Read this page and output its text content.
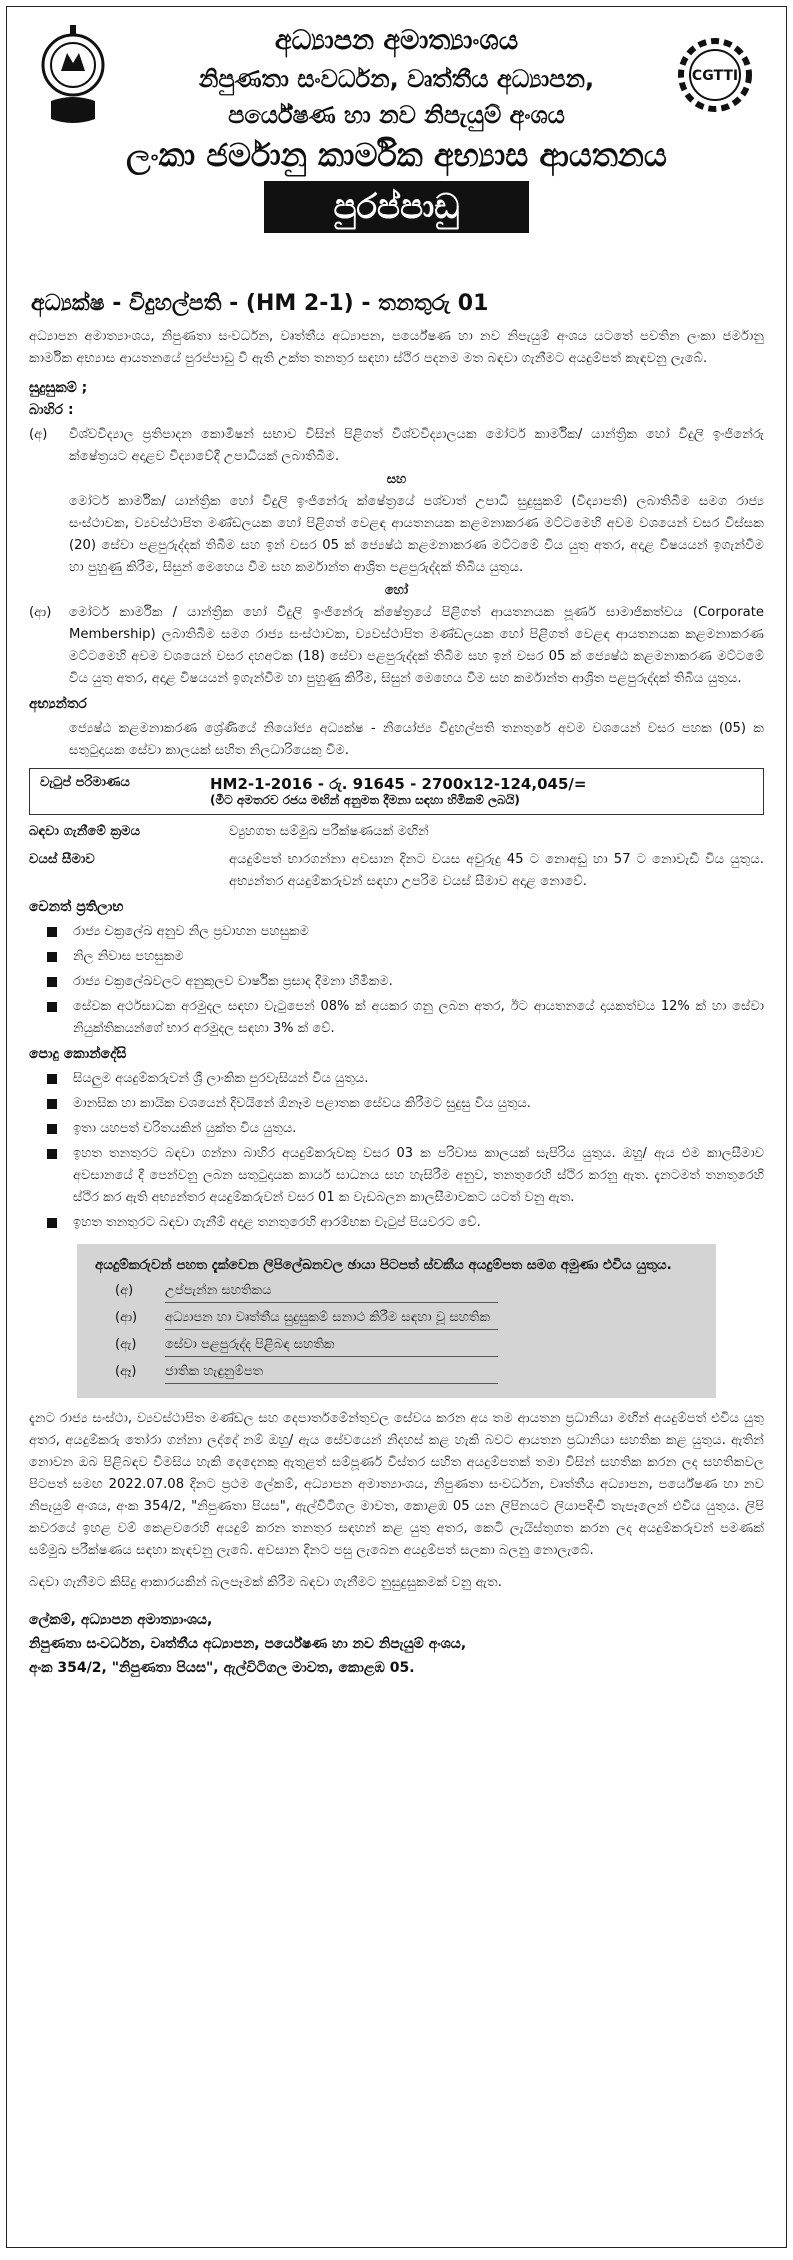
CGTTI
අධ්‍යාපන අමාත්‍යාංශය
නිපුණතා සංවර්ධන, වෘත්තීය අධ්‍යාපන,
පර්යේෂණ හා නව නිපැයුම් අංශය
ලංකා ජර්මානු කාර්මික අභ්‍යාස ආයතනය
පුරප්පාඩු
අධ්‍යක්ෂ - විදුහල්පති - (HM 2-1) - තනතුරු 01
අධ්‍යාපන අමාත්‍යාංශය, නිපුණතා සංවර්ධන, වෘත්තීය අධ්‍යාපන, පර්යේෂණ හා නව නිපැයුම් අංශය යටතේ පවතින ලංකා ජර්මානු කාර්මික අභ්‍යාස ආයතනයේ පුරප්පාඩු වී ඇති උක්ත තනතුර සඳහා ස්ථිර පදනම මත බඳවා ගැනීමට අයදුම්පත් කැඳවනු ලැබේ.
සුදුසුකම් ;
බාහිර :
(අ)	විශ්වවිද්‍යාල ප්‍රතිපාදන කොමිෂන් සභාව විසින් පිළිගත් විශ්වවිද්‍යාලයක මෝටර් කාර්මික/ යාන්ත්‍රික හෝ විදුලි ඉංජිනේරු ක්ෂේත්‍රයට අදාළව විද්‍යාවේදී උපාධියක් ලබාතිබීම.
සහ
මෝටර් කාර්මික/ යාන්ත්‍රික හෝ විදුලි ඉංජිනේරු ක්ෂේත්‍රයේ පශ්චාත් උපාධි සුදුසුකම් (විද්‍යාපති) ලබාතිබීම සමග රාජ්‍ය සංස්ථාවක, ව්‍යවස්ථාපිත මණ්ඩලයක හෝ පිළිගත් වෙළඳ ආයතනයක කළමනාකරණ මට්ටමෙහි අවම වශයෙන් වසර විස්සක (20) සේවා පළපුරුද්දක් තිබීම සහ ඉන් වසර 05 ක් ජ්‍යෙෂ්ඨ කළමනාකරණ මට්ටමේ විය යුතු අතර, අදාළ විෂයයන් ඉගැන්වීම හා පුහුණු කිරීම, සිසුන් මෙහෙය වීම සහ කර්මාන්ත ආශ්‍රිත පළපුරුද්දක් තිබිය යුතුය.
හෝ
(ආ)	මෝටර් කාර්මික / යාන්ත්‍රික හෝ විදුලි ඉංජිනේරු ක්ෂේත්‍රයේ පිළිගත් ආයතනයක පූර්ණ සාමාජිකත්වය (Corporate Membership) ලබාතිබීම සමග රාජ්‍ය සංස්ථාවක, ව්‍යවස්ථාපිත මණ්ඩලයක හෝ පිළිගත් වෙළඳ ආයතනයක කළමනාකරණ මට්ටමෙහි අවම වශයෙන් වසර දහඅටක (18) සේවා පළපුරුද්දක් තිබීම සහ ඉන් වසර 05 ක් ජ්‍යෙෂ්ඨ කළමනාකරණ මට්ටමේ විය යුතු අතර, අදාළ විෂයයන් ඉගැන්වීම හා පුහුණු කිරීම, සිසුන් මෙහෙය වීම සහ කර්මාන්ත ආශ්‍රිත පළපුරුද්දක් තිබිය යුතුය.
අභ්‍යන්තර
ජ්‍යෙෂ්ඨ කළමනාකරණ ශ්‍රේණියේ නියෝජ්‍ය අධ්‍යක්ෂ - නියෝජ්‍ය විදුහල්පති තනතුරේ අවම වශයෙන් වසර පහක (05) ක සතුටුදායක සේවා කාලයක් සහිත නිලධාරියෙකු විම.
වැටුප් පරිමාණය	HM2-1-2016 - රු. 91645 - 2700x12-124,045/=
(මීට අමතරව රජය මඟින් අනුමත දීමනා සඳහා හිමිකම් ලබයි)
බඳවා ගැනීමේ ක්‍රමය	ව්‍යුහගත සම්මුඛ පරීක්ෂණයක් මඟින්
වයස් සීමාව	අයදුම්පත් භාරගන්නා අවසාන දිනට වයස අවුරුදු 45 ට නොඅඩු හා 57 ට නොවැඩි විය යුතුය. අභ්‍යන්තර අයදුම්කරුවන් සඳහා උපරිම වයස් සීමාව අදාළ නොවේ.
වෙනත් ප්‍රතිලාභ
රාජ්‍ය චක්‍රලේඛ අනුව නිල ප්‍රවාහන පහසුකම
නිල නිවාස පහසුකම
රාජ්‍ය චක්‍රලේඛවලට අනුකූලව වාර්ෂික ප්‍රසාද දීමනා හිමිකම.
සේවක අර්ථසාධක අරමුදල සඳහා වැටුපෙන් 08% ක් අයකර ගනු ලබන අතර, ඊට ආයතනයේ දායකත්වය 12% ක් හා සේවා නියුක්තිකයන්ගේ භාර අරමුදල සඳහා 3% ක් වේ.
පොදු කොන්දේසි
සියලුම අයදුම්කරුවන් ශ්‍රී ලාංකික පුරවැසියන් විය යුතුය.
මානසික හා කායික වශයෙන් දිවයිනේ ඕනෑම පළාතක සේවය කිරීමට සුදුසු විය යුතුය.
ඉතා යහපත් චරිතයකින් යුක්ත විය යුතුය.
ඉහත තනතුරට බඳවා ගන්නා බාහිර අයදුම්කරුවකු වසර 03 ක පරිවාස කාලයක් සැපිරිය යුතුය. ඔහු/ ඇය එම කාලසීමාව අවසානයේ දී පෙන්වනු ලබන සතුටුදායක කාර්ය සාධනය සහ හැසිරීම අනුව, තනතුරෙහි ස්ථිර කරනු ඇත. දැනටමත් තනතුරෙහි ස්ථිර කර ඇති අභ්‍යන්තර අයදුම්කරුවන් වසර 01 ක වැඩබලන කාලසීමාවකට යටත් වනු ඇත.
ඉහත තනතුරට බඳවා ගැනීම් අදාළ තනතුරෙහි ආරම්භක වැටුප් පියවරට වේ.
අයදුම්කරුවන් පහත දැක්වෙන ලිපිලේඛනවල ඡායා පිටපත් ස්වකීය අයදුම්පත සමග අමුණා එවිය යුතුය.
(අ)	උප්පැන්න සහතිකය
(ආ)	අධ්‍යාපන හා වෘත්තීය සුදුසුකම් සනාථ කිරීම සඳහා වූ සහතික
(ඇ)	සේවා පළපුරුද්ද පිළිබඳ සහතික
(ඈ)	ජාතික හැඳුනුම්පත
දැනට රාජ්‍ය සංස්ථා, ව්‍යවස්ථාපිත මණ්ඩල සහ දෙපාර්තමේන්තුවල සේවය කරන අය තම ආයතන ප්‍රධානියා මඟින් අයදුම්පත් එවිය යුතු අතර, අයදුම්කරු තෝරා ගන්නා ලද්දේ නම් ඔහු/ ඇය සේවයෙන් නිදහස් කළ හැකි බවට ආයතන ප්‍රධානියා සහතික කළ යුතුය. ඇතින් නොවන ඔබ පිළිබඳව විමසිය හැකි දෙදෙනකු ඇතුළත් සම්පූර්ණ විස්තර සහිත අයදුම්පතක් තමා විසින් සහතික කරන ලද සහතිකවල පිටපත් සමඟ 2022.07.08 දිනට ප්‍රථම ලේකම්, අධ්‍යාපන අමාත්‍යාංශය, නිපුණතා සංවර්ධන, වෘත්තීය අධ්‍යාපන, පර්යේෂණ හා නව නිපැයුම් අංශය, අංක 354/2, "නිපුණතා පියස", ඇල්විටිගල මාවත, කොළඹ 05 යන ලිපිනයට ලියාපදිංචි තැපෑලෙන් එවිය යුතුය. ලිපි කවරයේ ඉහළ වම් කෙළවරෙහි අයදුම් කරන තනතුර සඳහන් කළ යුතු අතර, කෙටි ලැයිස්තුගත කරන ලද අයදුම්කරුවන් පමණක් සම්මුඛ පරීක්ෂණය සඳහා කැඳවනු ලැබේ. අවසාන දිනට පසු ලැබෙන අයදුම්පත් සලකා බලනු නොලැබේ.
බඳවා ගැනීමට කිසිදු ආකාරයකින් බලපෑමක් කිරීම බඳවා ගැනීමට නුසුදුසුකමක් වනු ඇත.
ලේකම්, අධ්‍යාපන අමාත්‍යාංශය,
නිපුණතා සංවර්ධන, වෘත්තීය අධ්‍යාපන, පර්යේෂණ හා නව නිපැයුම් අංශය,
අංක 354/2, "නිපුණතා පියස", ඇල්විටිගල මාවත, කොළඹ 05.
